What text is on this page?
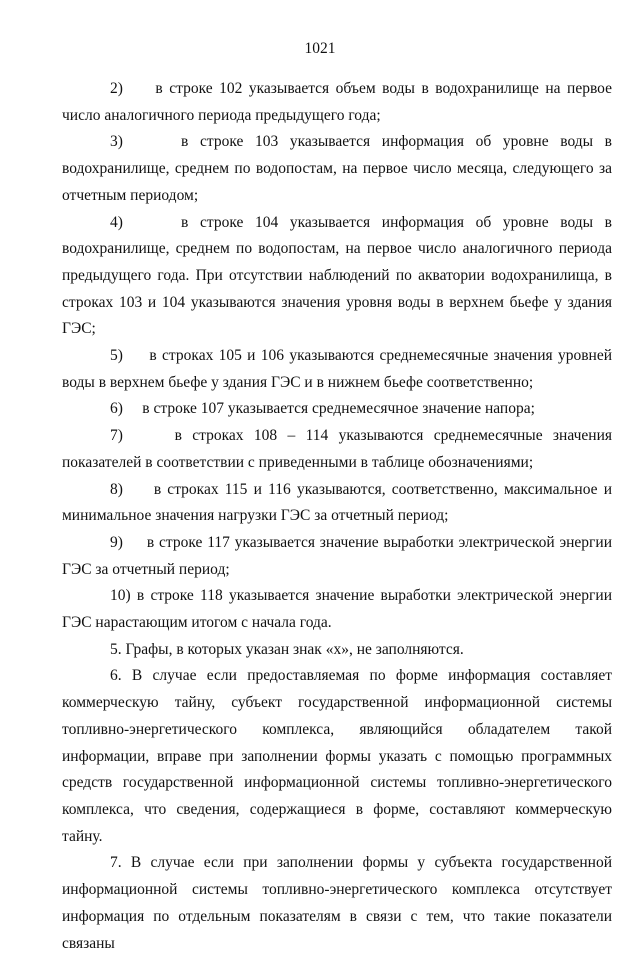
1021

2)     в строке 102 указывается объем воды в водохранилище на первое число аналогичного периода предыдущего года;

3)     в строке 103 указывается информация об уровне воды в водохранилище, среднем по водопостам, на первое число месяца, следующего за отчетным периодом;

4)     в строке 104 указывается информация об уровне воды в водохранилище, среднем по водопостам, на первое число аналогичного периода предыдущего года. При отсутствии наблюдений по акватории водохранилища, в строках 103 и 104 указываются значения уровня воды в верхнем бьефе у здания ГЭС;

5)     в строках 105 и 106 указываются среднемесячные значения уровней воды в верхнем бьефе у здания ГЭС и в нижнем бьефе соответственно;

6)     в строке 107 указывается среднемесячное значение напора;

7)     в строках 108 – 114 указываются среднемесячные значения показателей в соответствии с приведенными в таблице обозначениями;

8)     в строках 115 и 116 указываются, соответственно, максимальное и минимальное значения нагрузки ГЭС за отчетный период;

9)     в строке 117 указывается значение выработки электрической энергии ГЭС за отчетный период;

10) в строке 118 указывается значение выработки электрической энергии ГЭС нарастающим итогом с начала года.

5. Графы, в которых указан знак «х», не заполняются.

6. В случае если предоставляемая по форме информация составляет коммерческую тайну, субъект государственной информационной системы топливно-энергетического комплекса, являющийся обладателем такой информации, вправе при заполнении формы указать с помощью программных средств государственной информационной системы топливно-энергетического комплекса, что сведения, содержащиеся в форме, составляют коммерческую тайну.

7. В случае если при заполнении формы у субъекта государственной информационной системы топливно-энергетического комплекса отсутствует информация по отдельным показателям в связи с тем, что такие показатели связаны
